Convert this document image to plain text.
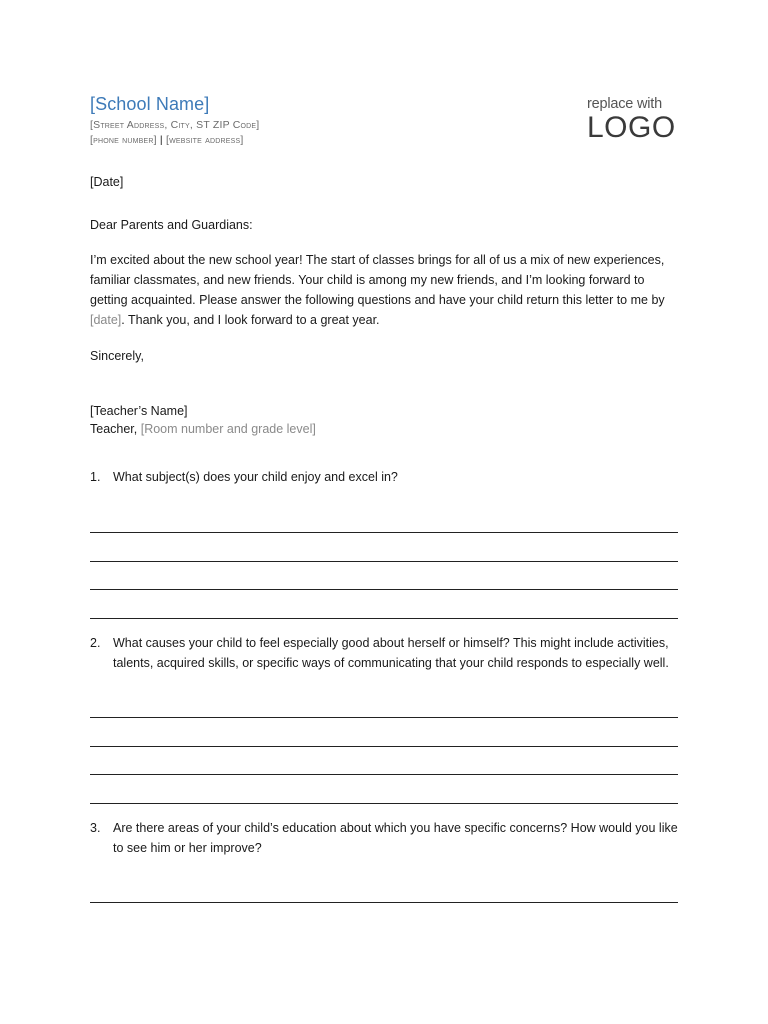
[School Name]
[Street Address, City, ST ZIP Code]
[phone number] | [website address]
replace with
LOGO
[Date]
Dear Parents and Guardians:
I’m excited about the new school year! The start of classes brings for all of us a mix of new experiences, familiar classmates, and new friends. Your child is among my new friends, and I’m looking forward to getting acquainted. Please answer the following questions and have your child return this letter to me by [date]. Thank you, and I look forward to a great year.
Sincerely,
[Teacher’s Name]
Teacher, [Room number and grade level]
1. What subject(s) does your child enjoy and excel in?
2. What causes your child to feel especially good about herself or himself? This might include activities, talents, acquired skills, or specific ways of communicating that your child responds to especially well.
3. Are there areas of your child’s education about which you have specific concerns? How would you like to see him or her improve?
